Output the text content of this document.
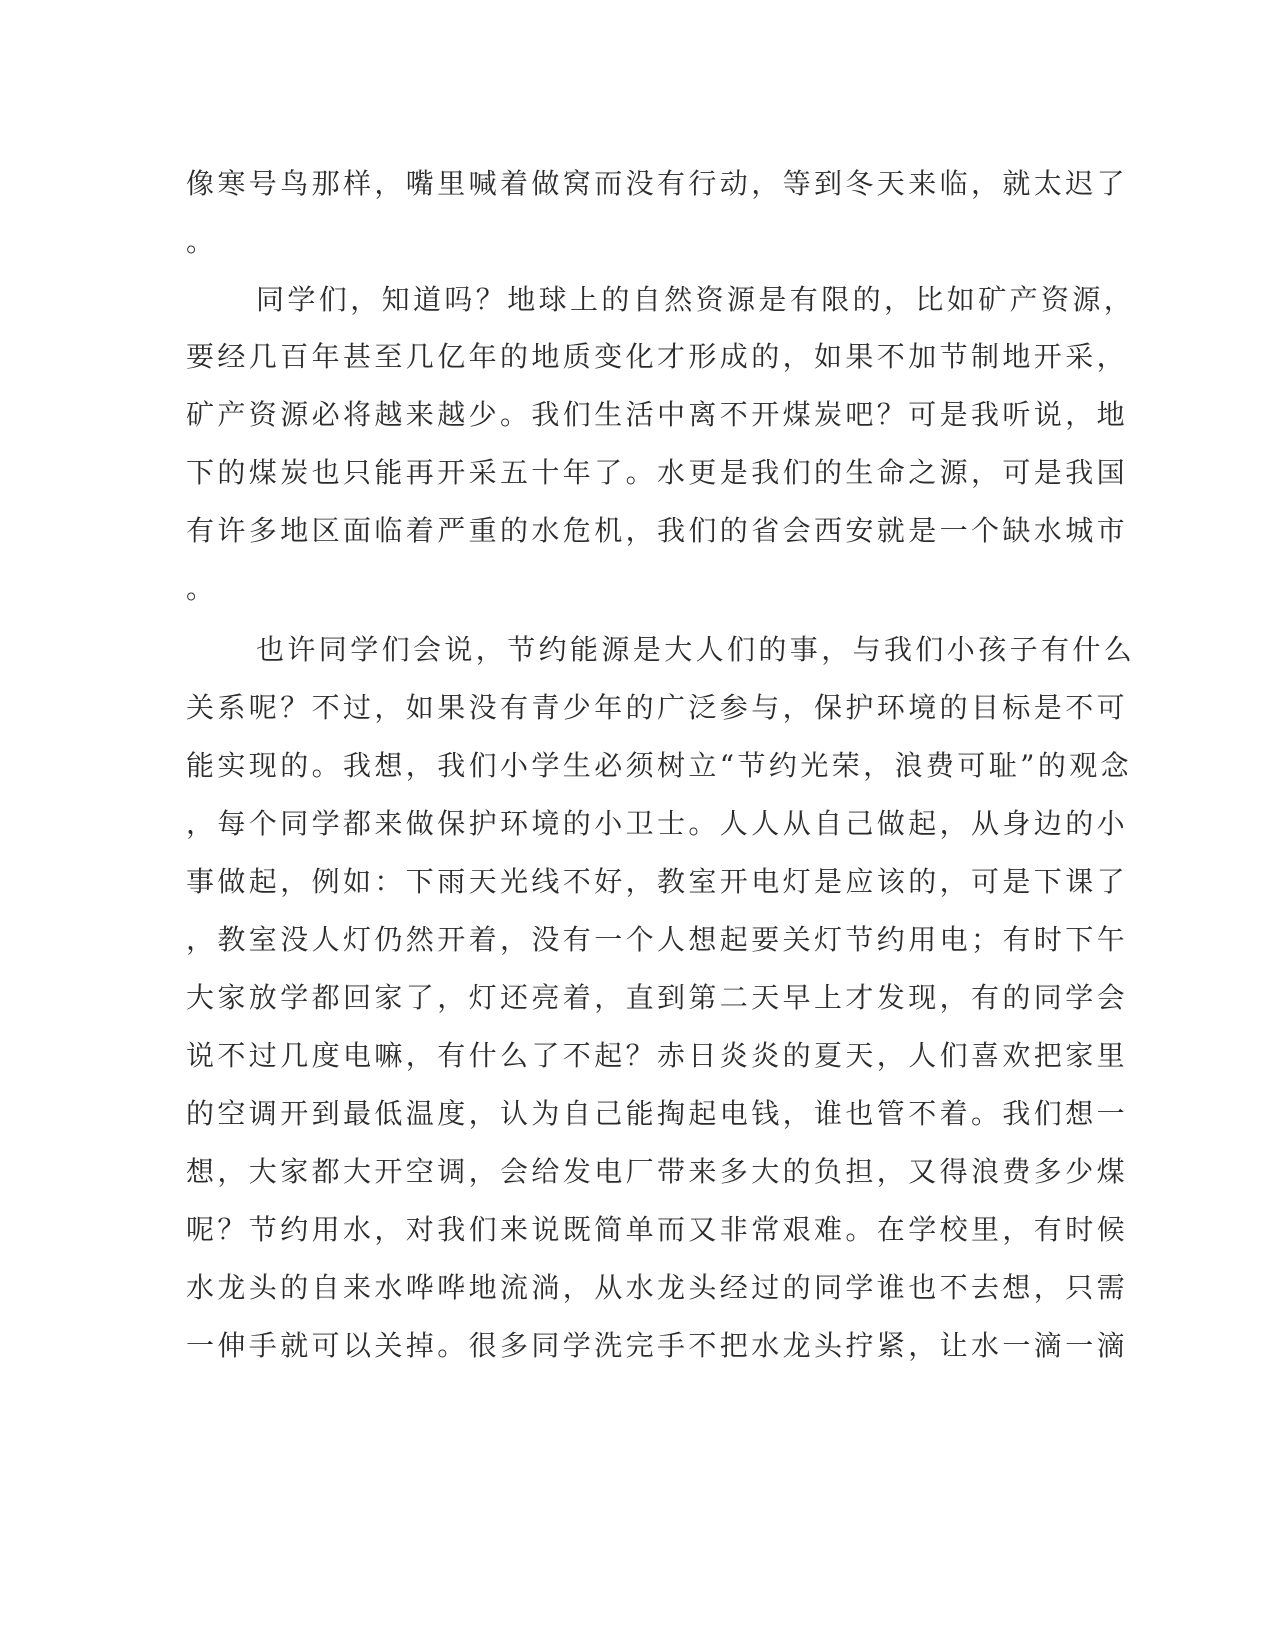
像寒号鸟那样，嘴里喊着做窝而没有行动，等到冬天来临，就太迟了
。
同学们，知道吗？地球上的自然资源是有限的，比如矿产资源，
要经几百年甚至几亿年的地质变化才形成的，如果不加节制地开采，
矿产资源必将越来越少。我们生活中离不开煤炭吧？可是我听说，地
下的煤炭也只能再开采五十年了。水更是我们的生命之源，可是我国
有许多地区面临着严重的水危机，我们的省会西安就是一个缺水城市
。
也许同学们会说，节约能源是大人们的事，与我们小孩子有什么
关系呢？不过，如果没有青少年的广泛参与，保护环境的目标是不可
能实现的。我想，我们小学生必须树立“节约光荣，浪费可耻”的观念
，每个同学都来做保护环境的小卫士。人人从自己做起，从身边的小
事做起，例如：下雨天光线不好，教室开电灯是应该的，可是下课了
，教室没人灯仍然开着，没有一个人想起要关灯节约用电；有时下午
大家放学都回家了，灯还亮着，直到第二天早上才发现，有的同学会
说不过几度电嘛，有什么了不起？赤日炎炎的夏天，人们喜欢把家里
的空调开到最低温度，认为自己能掏起电钱，谁也管不着。我们想一
想，大家都大开空调，会给发电厂带来多大的负担，又得浪费多少煤
呢？节约用水，对我们来说既简单而又非常艰难。在学校里，有时候
水龙头的自来水哗哗地流淌，从水龙头经过的同学谁也不去想，只需
一伸手就可以关掉。很多同学洗完手不把水龙头拧紧，让水一滴一滴
